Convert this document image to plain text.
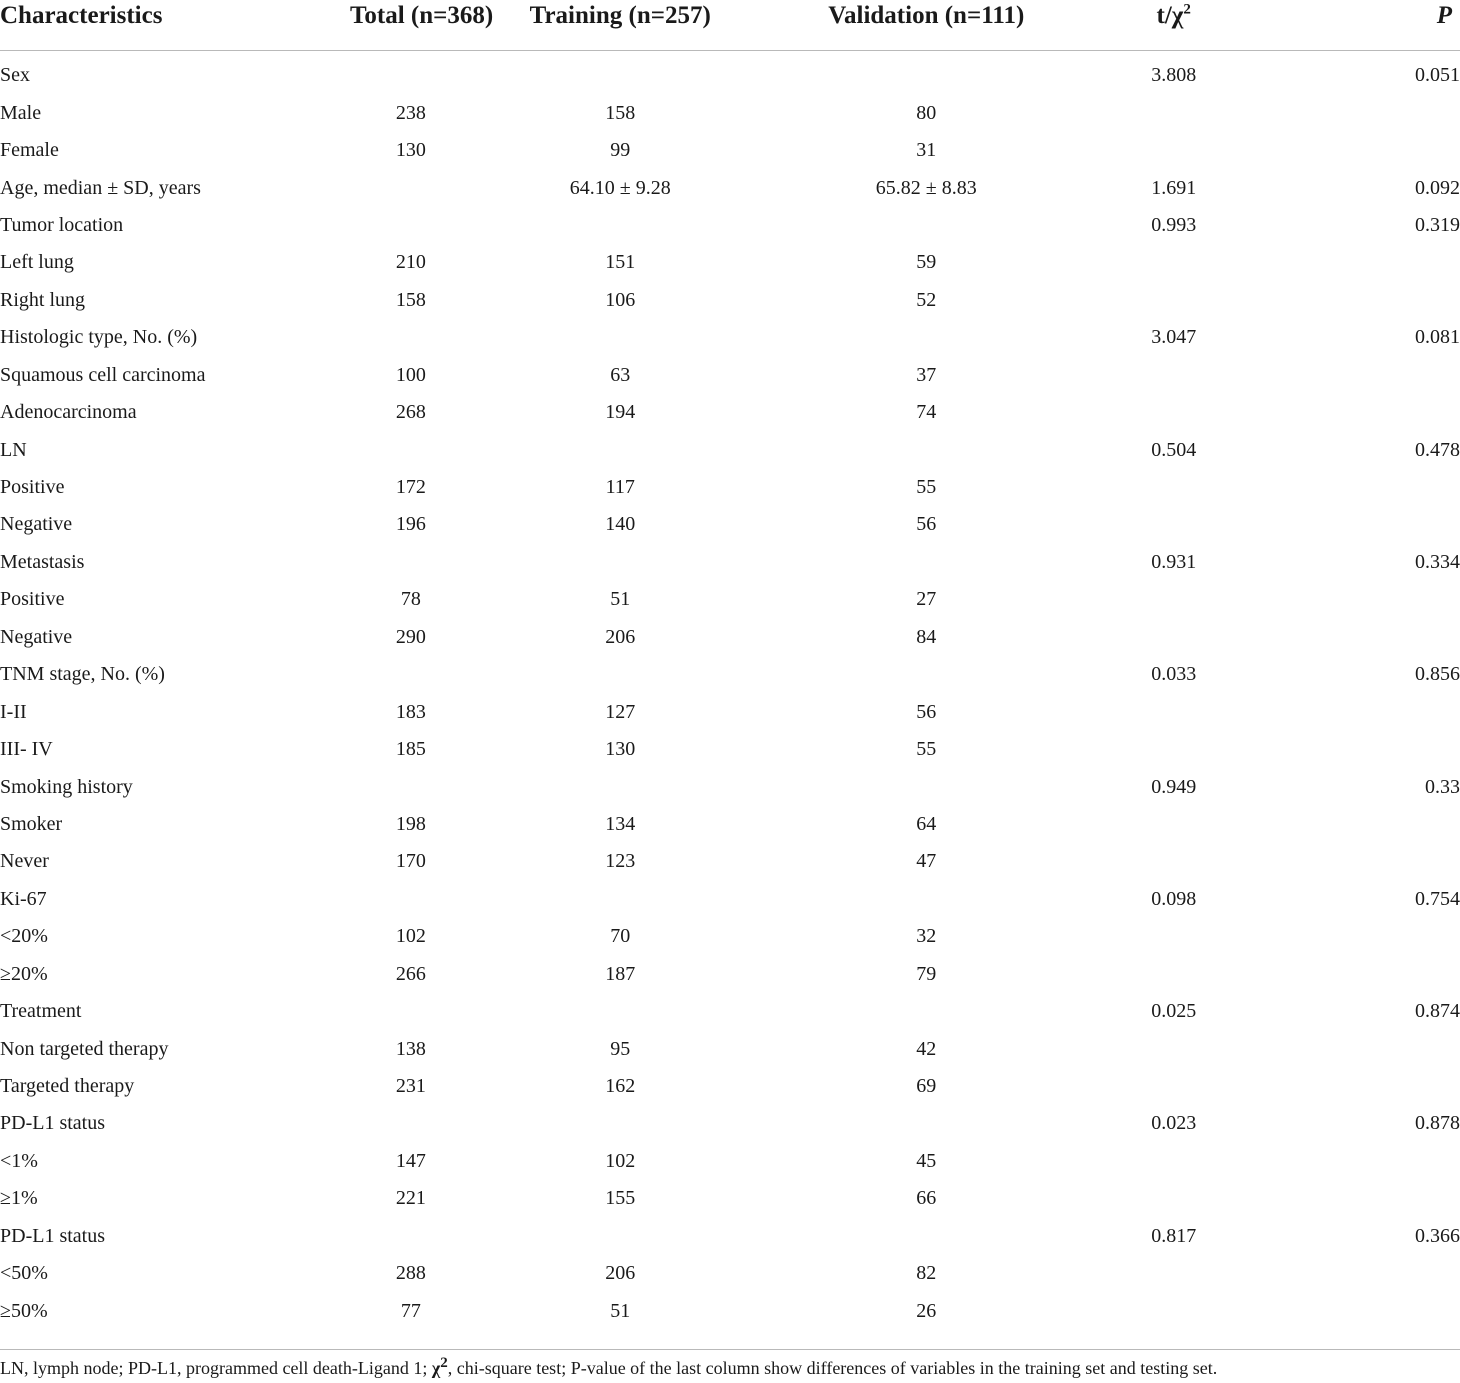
Characteristics	Total (n=368)	Training (n=257)	Validation (n=111)	$t/\chi^2$	P
Sex				3.808	0.051
Male	238	158	80		
Female	130	99	31		
Age, median ± SD, years		64.10 ± 9.28	65.82 ± 8.83	1.691	0.092
Tumor location				0.993	0.319
Left lung	210	151	59		
Right lung	158	106	52		
Histologic type, No. (%)				3.047	0.081
Squamous cell carcinoma	100	63	37		
Adenocarcinoma	268	194	74		
LN				0.504	0.478
Positive	172	117	55		
Negative	196	140	56		
Metastasis				0.931	0.334
Positive	78	51	27		
Negative	290	206	84		
TNM stage, No. (%)				0.033	0.856
I-II	183	127	56		
III- IV	185	130	55		
Smoking history				0.949	0.33
Smoker	198	134	64		
Never	170	123	47		
Ki-67				0.098	0.754
<20%	102	70	32		
≥20%	266	187	79		
Treatment				0.025	0.874
Non targeted therapy	138	95	42		
Targeted therapy	231	162	69		
PD-L1 status				0.023	0.878
<1%	147	102	45		
≥1%	221	155	66		
PD-L1 status				0.817	0.366
<50%	288	206	82		
≥50%	77	51	26		
LN, lymph node; PD-L1, programmed cell death-Ligand 1; $\chi^2$, chi-square test; P-value of the last column show differences of variables in the training set and testing set.
